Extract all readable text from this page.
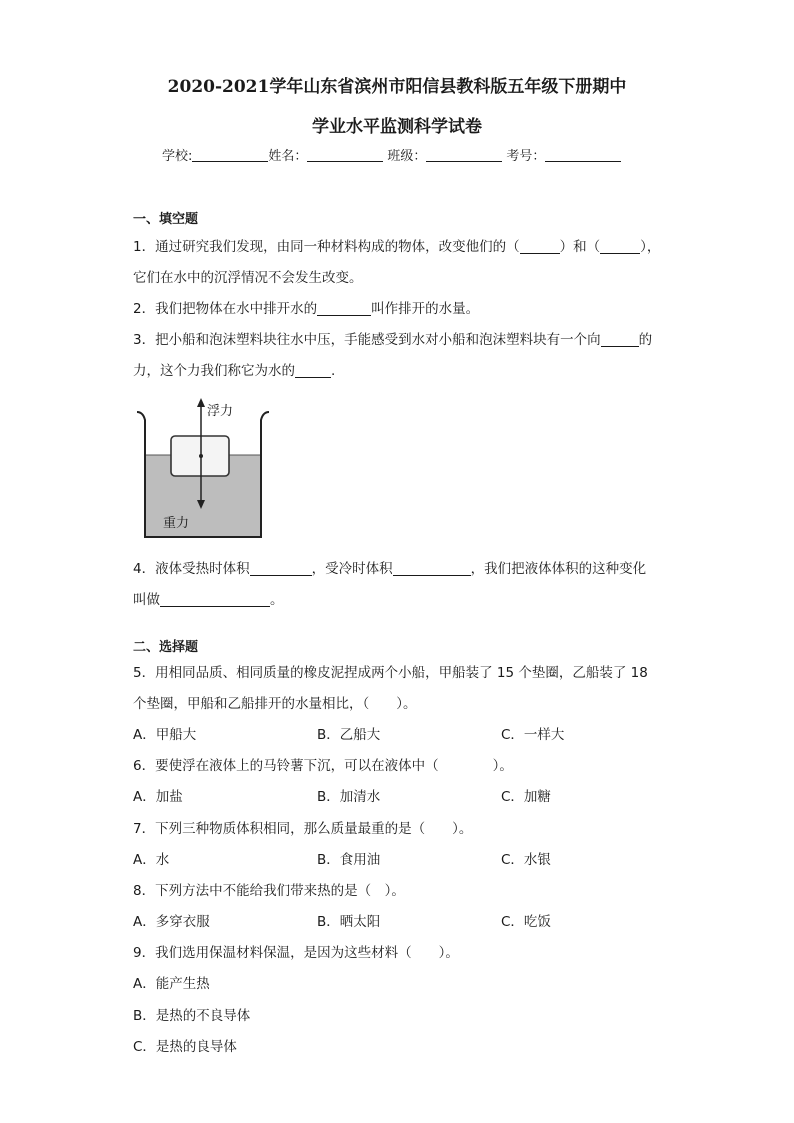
2020-2021学年山东省滨州市阳信县教科版五年级下册期中
学业水平监测科学试卷
学校:	姓名：	班级：	考号：
一、填空题
1．通过研究我们发现，由同一种材料构成的物体，改变他们的（	）和（	），
它们在水中的沉浮情况不会发生改变。
2．我们把物体在水中排开水的	叫作排开的水量。
3．把小船和泡沫塑料块往水中压，手能感受到水对小船和泡沫塑料块有一个向	的
力，这个力我们称它为水的	.
浮力
重力
4．液体受热时体积	，受冷时体积	，我们把液体体积的这种变化
叫做	。
二、选择题
5．用相同品质、相同质量的橡皮泥捏成两个小船，甲船装了 15 个垫圈，乙船装了 18
个垫圈，甲船和乙船排开的水量相比，（　　）。
A．甲船大	B．乙船大	C．一样大
6．要使浮在液体上的马铃薯下沉，可以在液体中（　　　　）。
A．加盐	B．加清水	C．加糖
7．下列三种物质体积相同，那么质量最重的是（　　）。
A．水	B．食用油	C．水银
8．下列方法中不能给我们带来热的是（　）。
A．多穿衣服	B．晒太阳	C．吃饭
9．我们选用保温材料保温，是因为这些材料（　　）。
A．能产生热
B．是热的不良导体
C．是热的良导体
